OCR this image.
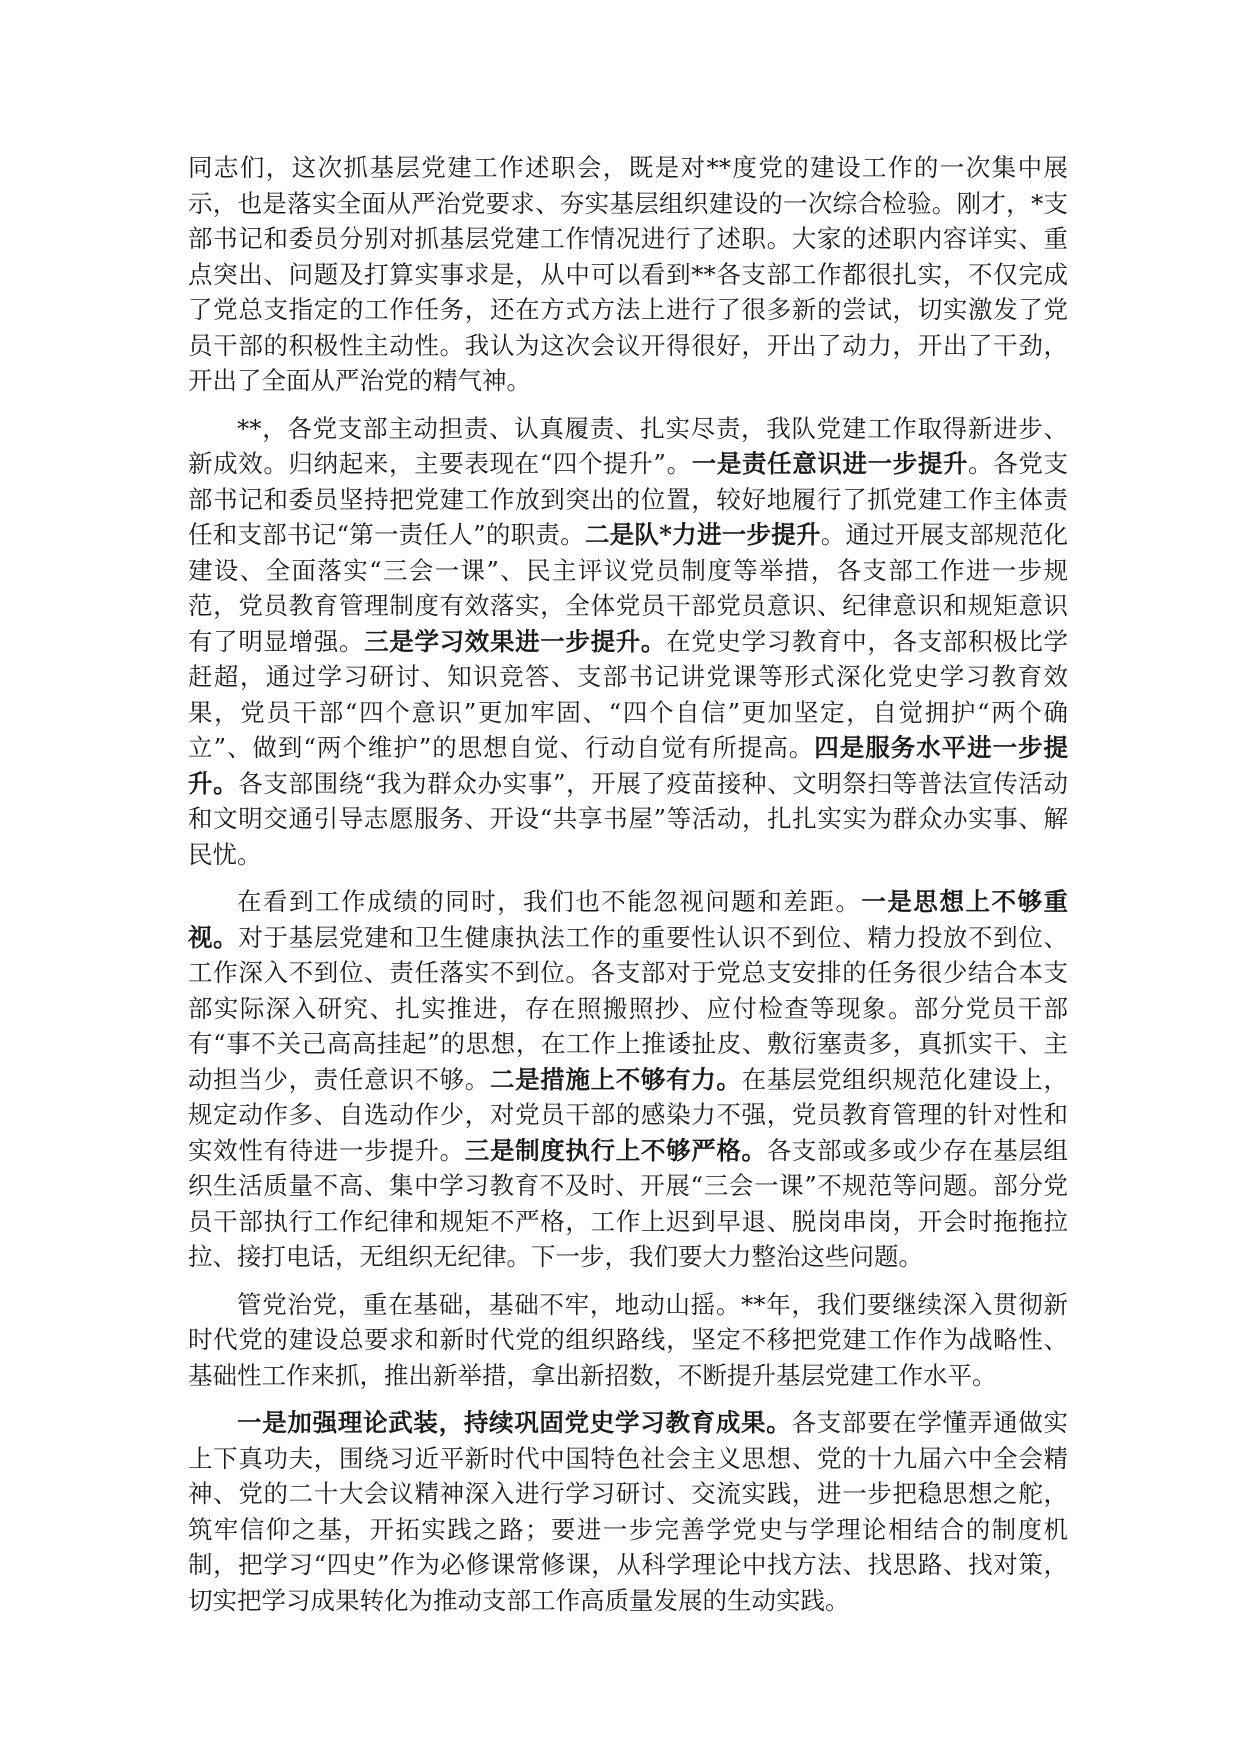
同志们，这次抓基层党建工作述职会，既是对**度党的建设工作的一次集中展示，也是落实全面从严治党要求、夯实基层组织建设的一次综合检验。刚才，*支部书记和委员分别对抓基层党建工作情况进行了述职。大家的述职内容详实、重点突出、问题及打算实事求是，从中可以看到**各支部工作都很扎实，不仅完成了党总支指定的工作任务，还在方式方法上进行了很多新的尝试，切实激发了党员干部的积极性主动性。我认为这次会议开得很好，开出了动力，开出了干劲，开出了全面从严治党的精气神。

**，各党支部主动担责、认真履责、扎实尽责，我队党建工作取得新进步、新成效。归纳起来，主要表现在“四个提升”。一是责任意识进一步提升。各党支部书记和委员坚持把党建工作放到突出的位置，较好地履行了抓党建工作主体责任和支部书记“第一责任人”的职责。二是队*力进一步提升。通过开展支部规范化建设、全面落实“三会一课”、民主评议党员制度等举措，各支部工作进一步规范，党员教育管理制度有效落实，全体党员干部党员意识、纪律意识和规矩意识有了明显增强。三是学习效果进一步提升。在党史学习教育中，各支部积极比学赶超，通过学习研讨、知识竞答、支部书记讲党课等形式深化党史学习教育效果，党员干部“四个意识”更加牢固、“四个自信”更加坚定，自觉拥护“两个确立”、做到“两个维护”的思想自觉、行动自觉有所提高。四是服务水平进一步提升。各支部围绕“我为群众办实事”，开展了疫苗接种、文明祭扫等普法宣传活动和文明交通引导志愿服务、开设“共享书屋”等活动，扎扎实实为群众办实事、解民忧。

在看到工作成绩的同时，我们也不能忽视问题和差距。一是思想上不够重视。对于基层党建和卫生健康执法工作的重要性认识不到位、精力投放不到位、工作深入不到位、责任落实不到位。各支部对于党总支安排的任务很少结合本支部实际深入研究、扎实推进，存在照搬照抄、应付检查等现象。部分党员干部有“事不关己高高挂起”的思想，在工作上推诿扯皮、敷衍塞责多，真抓实干、主动担当少，责任意识不够。二是措施上不够有力。在基层党组织规范化建设上，规定动作多、自选动作少，对党员干部的感染力不强，党员教育管理的针对性和实效性有待进一步提升。三是制度执行上不够严格。各支部或多或少存在基层组织生活质量不高、集中学习教育不及时、开展“三会一课”不规范等问题。部分党员干部执行工作纪律和规矩不严格，工作上迟到早退、脱岗串岗，开会时拖拖拉拉、接打电话，无组织无纪律。下一步，我们要大力整治这些问题。

管党治党，重在基础，基础不牢，地动山摇。**年，我们要继续深入贯彻新时代党的建设总要求和新时代党的组织路线，坚定不移把党建工作作为战略性、基础性工作来抓，推出新举措，拿出新招数，不断提升基层党建工作水平。

一是加强理论武装，持续巩固党史学习教育成果。各支部要在学懂弄通做实上下真功夫，围绕习近平新时代中国特色社会主义思想、党的十九届六中全会精神、党的二十大会议精神深入进行学习研讨、交流实践，进一步把稳思想之舵，筑牢信仰之基，开拓实践之路；要进一步完善学党史与学理论相结合的制度机制，把学习“四史”作为必修课常修课，从科学理论中找方法、找思路、找对策，切实把学习成果转化为推动支部工作高质量发展的生动实践。
